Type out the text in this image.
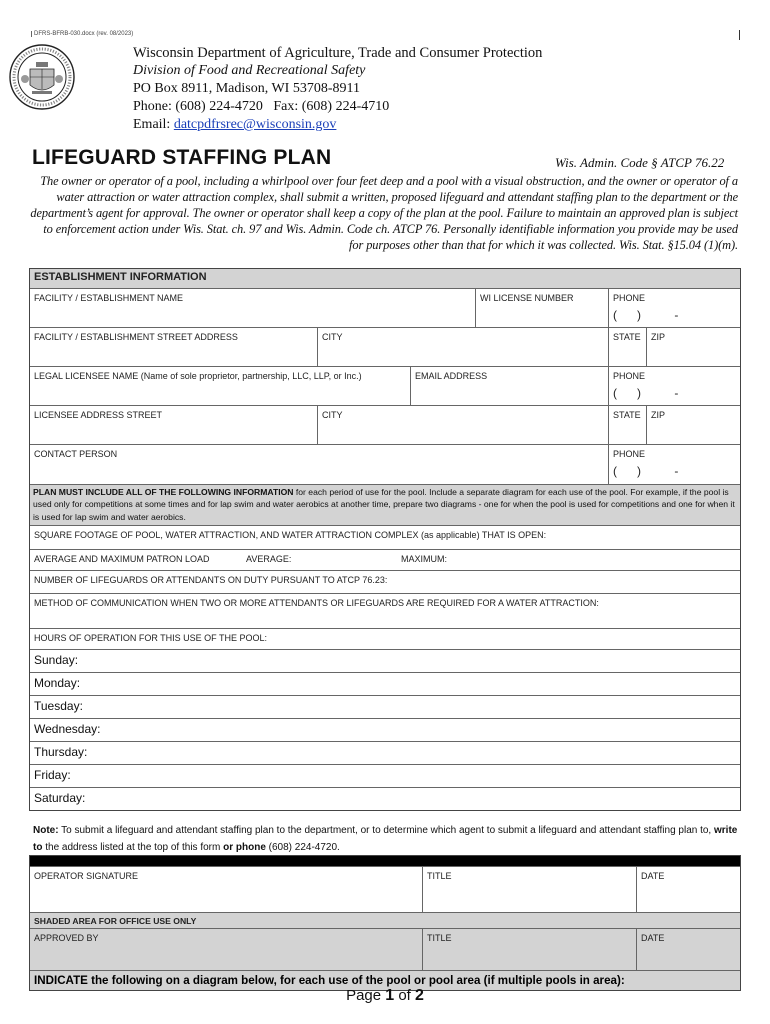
DFRS-BFRB-030.docx (rev. 08/2023)
Wisconsin Department of Agriculture, Trade and Consumer Protection
Division of Food and Recreational Safety
PO Box 8911, Madison, WI 53708-8911
Phone: (608) 224-4720   Fax: (608) 224-4710
Email: datcpdfrsrec@wisconsin.gov
LIFEGUARD STAFFING PLAN	Wis. Admin. Code § ATCP 76.22
The owner or operator of a pool, including a whirlpool over four feet deep and a pool with a visual obstruction, and the owner or operator of a water attraction or water attraction complex, shall submit a written, proposed lifeguard and attendant staffing plan to the department or the department’s agent for approval. The owner or operator shall keep a copy of the plan at the pool. Failure to maintain an approved plan is subject to enforcement action under Wis. Stat. ch. 97 and Wis. Admin. Code ch. ATCP 76. Personally identifiable information you provide may be used for purposes other than that for which it was collected. Wis. Stat. §15.04 (1)(m).
ESTABLISHMENT INFORMATION
FACILITY / ESTABLISHMENT NAME	WI LICENSE NUMBER	PHONE
(      )          -
FACILITY / ESTABLISHMENT STREET ADDRESS	CITY	STATE	ZIP
LEGAL LICENSEE NAME (Name of sole proprietor, partnership, LLC, LLP, or Inc.)	EMAIL ADDRESS	PHONE
(      )          -
LICENSEE ADDRESS STREET	CITY	STATE	ZIP
CONTACT PERSON	PHONE
(      )          -
PLAN MUST INCLUDE ALL OF THE FOLLOWING INFORMATION for each period of use for the pool. Include a separate diagram for each use of the pool. For example, if the pool is used only for competitions at some times and for lap swim and water aerobics at another time, prepare two diagrams - one for when the pool is used for competitions and one for when it is used for lap swim and water aerobics.
SQUARE FOOTAGE OF POOL, WATER ATTRACTION, AND WATER ATTRACTION COMPLEX (as applicable) THAT IS OPEN:
AVERAGE AND MAXIMUM PATRON LOAD	AVERAGE:	MAXIMUM:
NUMBER OF LIFEGUARDS OR ATTENDANTS ON DUTY PURSUANT TO ATCP 76.23:
METHOD OF COMMUNICATION WHEN TWO OR MORE ATTENDANTS OR LIFEGUARDS ARE REQUIRED FOR A WATER ATTRACTION:
HOURS OF OPERATION FOR THIS USE OF THE POOL:
Sunday:
Monday:
Tuesday:
Wednesday:
Thursday:
Friday:
Saturday:
Note: To submit a lifeguard and attendant staffing plan to the department, or to determine which agent to submit a lifeguard and attendant staffing plan to, write to the address listed at the top of this form or phone (608) 224-4720.
OPERATOR SIGNATURE	TITLE	DATE
SHADED AREA FOR OFFICE USE ONLY
APPROVED BY	TITLE	DATE
INDICATE the following on a diagram below, for each use of the pool or pool area (if multiple pools in area):
Page 1 of 2
